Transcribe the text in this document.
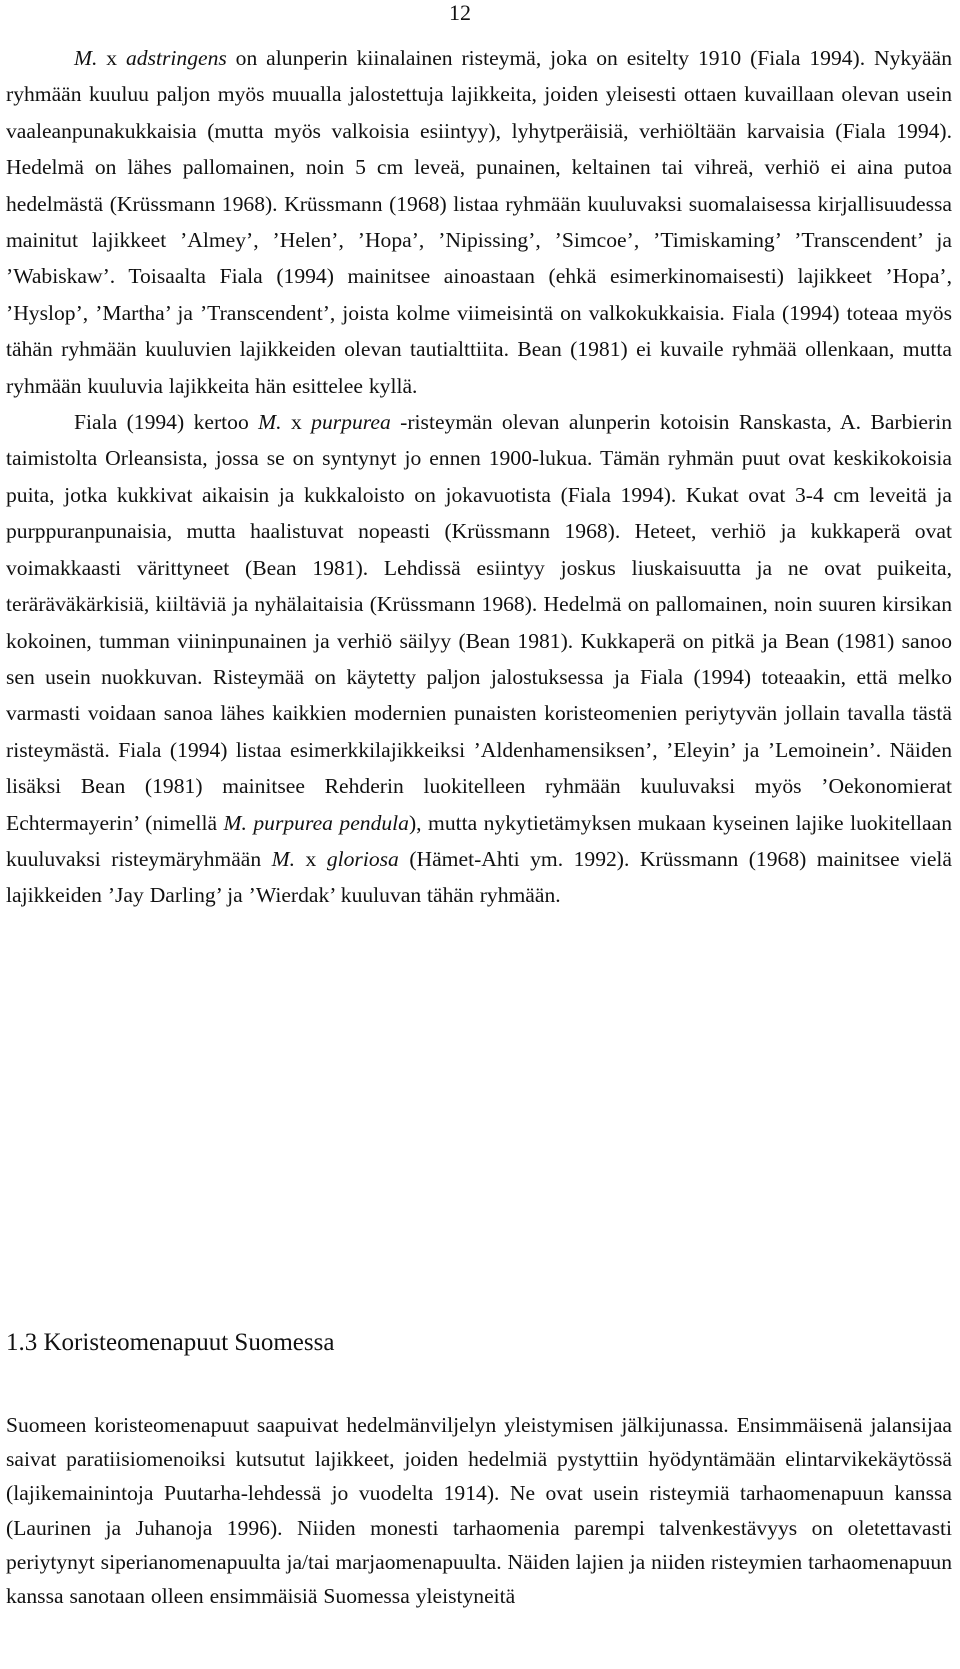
12

M. x adstringens on alunperin kiinalainen risteymä, joka on esitelty 1910 (Fiala 1994). Nykyään ryhmään kuuluu paljon myös muualla jalostettuja lajikkeita, joiden yleisesti ottaen kuvaillaan olevan usein vaaleanpunakukkaisia (mutta myös valkoisia esiintyy), lyhytperäisiä, verhiöltään karvaisia (Fiala 1994). Hedelmä on lähes pallomainen, noin 5 cm leveä, punainen, keltainen tai vihreä, verhiö ei aina putoa hedelmästä (Krüssmann 1968). Krüssmann (1968) listaa ryhmään kuuluvaksi suomalaisessa kirjallisuudessa mainitut lajikkeet ’Almey’, ’Helen’, ’Hopa’, ’Nipissing’, ’Simcoe’, ’Timiskaming’ ’Transcendent’ ja ’Wabiskaw’. Toisaalta Fiala (1994) mainitsee ainoastaan (ehkä esimerkinomaisesti) lajikkeet ’Hopa’, ’Hyslop’, ’Martha’ ja ’Transcendent’, joista kolme viimeisintä on valkokukkaisia. Fiala (1994) toteaa myös tähän ryhmään kuuluvien lajikkeiden olevan tautialttiita. Bean (1981) ei kuvaile ryhmää ollenkaan, mutta ryhmään kuuluvia lajikkeita hän esittelee kyllä.

Fiala (1994) kertoo M. x purpurea -risteymän olevan alunperin kotoisin Ranskasta, A. Barbierin taimistolta Orleansista, jossa se on syntynyt jo ennen 1900-lukua. Tämän ryhmän puut ovat keskikokoisia puita, jotka kukkivat aikaisin ja kukkaloisto on jokavuotista (Fiala 1994). Kukat ovat 3-4 cm leveitä ja purppuranpunaisia, mutta haalistuvat nopeasti (Krüssmann 1968). Heteet, verhiö ja kukkaperä ovat voimakkaasti värittyneet (Bean 1981). Lehdissä esiintyy joskus liuskaisuutta ja ne ovat puikeita, teräräväkärkisiä, kiiltäviä ja nyhälaitaisia (Krüssmann 1968). Hedelmä on pallomainen, noin suuren kirsikan kokoinen, tumman viininpunainen ja verhiö säilyy (Bean 1981). Kukkaperä on pitkä ja Bean (1981) sanoo sen usein nuokkuvan. Risteymää on käytetty paljon jalostuksessa ja Fiala (1994) toteaakin, että melko varmasti voidaan sanoa lähes kaikkien modernien punaisten koristeomenien periytyvän jollain tavalla tästä risteymästä. Fiala (1994) listaa esimerkkilajikkeiksi ’Aldenhamensiksen’, ’Eleyin’ ja ’Lemoinein’. Näiden lisäksi Bean (1981) mainitsee Rehderin luokitelleen ryhmään kuuluvaksi myös ’Oekonomierat Echtermayerin’ (nimellä M. purpurea pendula), mutta nykytietämyksen mukaan kyseinen lajike luokitellaan kuuluvaksi risteymäryhmään M. x gloriosa (Hämet-Ahti ym. 1992). Krüssmann (1968) mainitsee vielä lajikkeiden ’Jay Darling’ ja ’Wierdak’ kuuluvan tähän ryhmään.

1.3 Koristeomenapuut Suomessa

Suomeen koristeomenapuut saapuivat hedelmänviljelyn yleistymisen jälkijunassa. Ensimmäisenä jalansijaa saivat paratiisiomenoiksi kutsutut lajikkeet, joiden hedelmiä pystyttiin hyödyntämään elintarvikekäytössä (lajikemainintoja Puutarha-lehdessä jo vuodelta 1914). Ne ovat usein risteymiä tarhaomenapuun kanssa (Laurinen ja Juhanoja 1996). Niiden monesti tarhaomenia parempi talvenkestävyys on oletettavasti periytynyt siperianomenapuulta ja/tai marjaomenapuulta. Näiden lajien ja niiden risteymien tarhaomenapuun kanssa sanotaan olleen ensimmäisiä Suomessa yleistyneitä
